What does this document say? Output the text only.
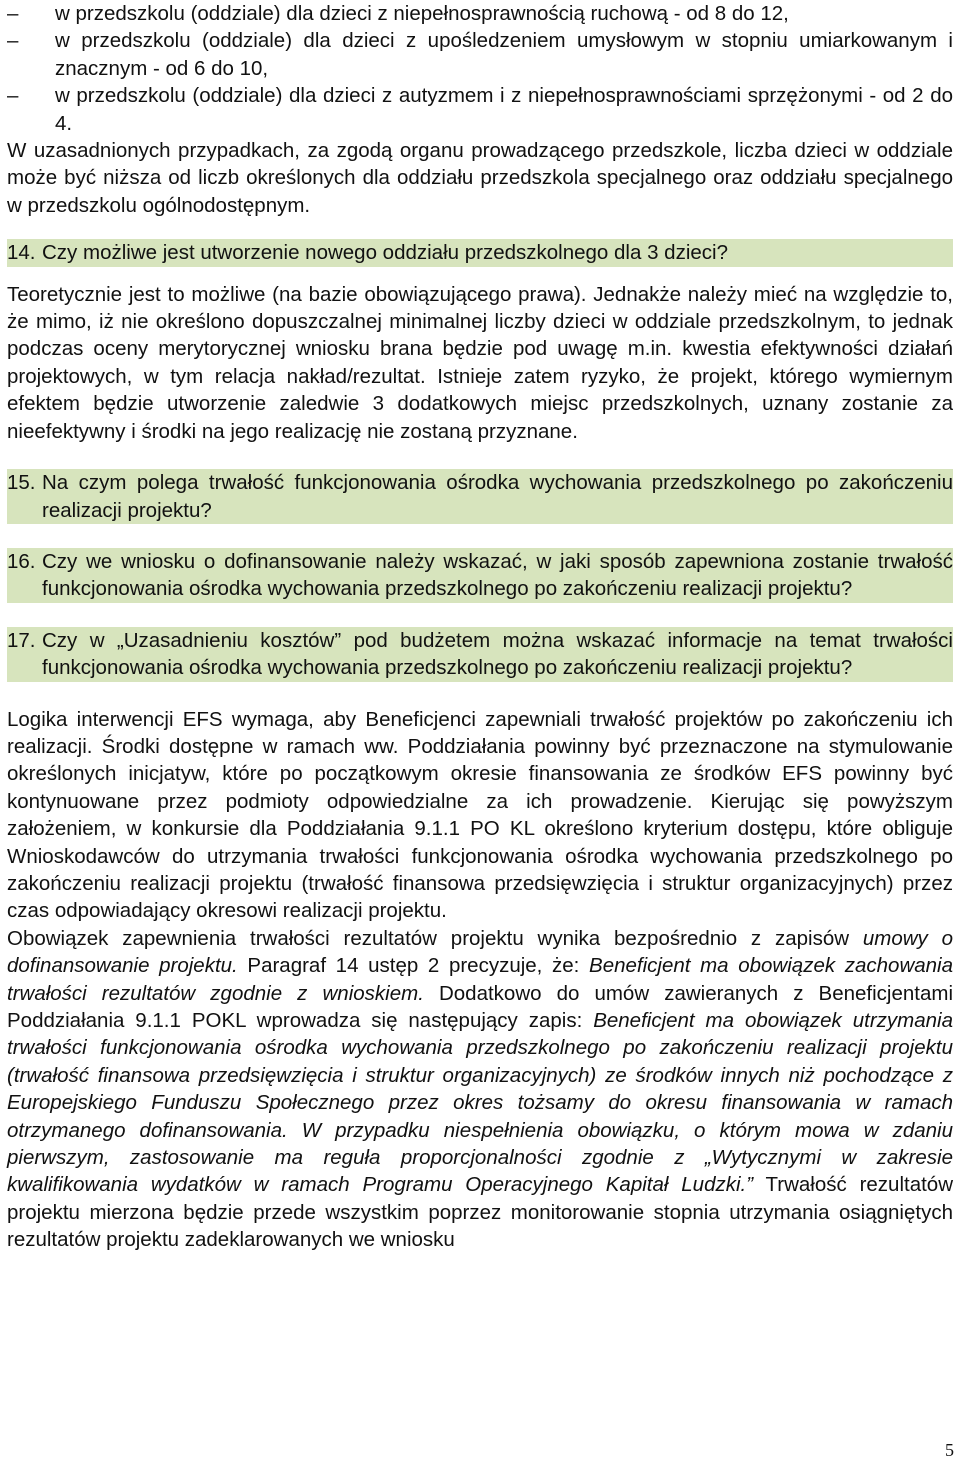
–	w przedszkolu (oddziale) dla dzieci z niepełnosprawnością ruchową - od 8 do 12,
–	w przedszkolu (oddziale) dla dzieci z upośledzeniem umysłowym w stopniu umiarkowanym i znacznym - od 6 do 10,
–	w przedszkolu (oddziale) dla dzieci z autyzmem i z niepełnosprawnościami sprzężonymi - od 2 do 4.

W uzasadnionych przypadkach, za zgodą organu prowadzącego przedszkole, liczba dzieci w oddziale może być niższa od liczb określonych dla oddziału przedszkola specjalnego oraz oddziału specjalnego w przedszkolu ogólnodostępnym.

14. Czy możliwe jest utworzenie nowego oddziału przedszkolnego dla 3 dzieci?

Teoretycznie jest to możliwe (na bazie obowiązującego prawa). Jednakże należy mieć na względzie to, że mimo, iż nie określono dopuszczalnej minimalnej liczby dzieci w oddziale przedszkolnym, to jednak podczas oceny merytorycznej wniosku brana będzie pod uwagę m.in. kwestia efektywności działań projektowych, w tym relacja nakład/rezultat. Istnieje zatem ryzyko, że projekt, którego wymiernym efektem będzie utworzenie zaledwie 3 dodatkowych miejsc przedszkolnych, uznany zostanie za nieefektywny i środki na jego realizację nie zostaną przyznane.

15. Na czym polega trwałość funkcjonowania ośrodka wychowania przedszkolnego po zakończeniu realizacji projektu?
16. Czy we wniosku o dofinansowanie należy wskazać, w jaki sposób zapewniona zostanie trwałość funkcjonowania ośrodka wychowania przedszkolnego po zakończeniu realizacji projektu?
17. Czy w „Uzasadnieniu kosztów” pod budżetem można wskazać informacje na temat trwałości funkcjonowania ośrodka wychowania przedszkolnego po zakończeniu realizacji projektu?

Logika interwencji EFS wymaga, aby Beneficjenci zapewniali trwałość projektów po zakończeniu ich realizacji. Środki dostępne w ramach ww. Poddziałania powinny być przeznaczone na stymulowanie określonych inicjatyw, które po początkowym okresie finansowania ze środków EFS powinny być kontynuowane przez podmioty odpowiedzialne za ich prowadzenie. Kierując się powyższym założeniem, w konkursie dla Poddziałania 9.1.1 PO KL określono kryterium dostępu, które obliguje Wnioskodawców do utrzymania trwałości funkcjonowania ośrodka wychowania przedszkolnego po zakończeniu realizacji projektu (trwałość finansowa przedsięwzięcia i struktur organizacyjnych) przez czas odpowiadający okresowi realizacji projektu.

Obowiązek zapewnienia trwałości rezultatów projektu wynika bezpośrednio z zapisów umowy o dofinansowanie projektu. Paragraf 14 ustęp 2 precyzuje, że: Beneficjent ma obowiązek zachowania trwałości rezultatów zgodnie z wnioskiem. Dodatkowo do umów zawieranych z Beneficjentami Poddziałania 9.1.1 POKL wprowadza się następujący zapis: Beneficjent ma obowiązek utrzymania trwałości funkcjonowania ośrodka wychowania przedszkolnego po zakończeniu realizacji projektu (trwałość finansowa przedsięwzięcia i struktur organizacyjnych) ze środków innych niż pochodzące z Europejskiego Funduszu Społecznego przez okres tożsamy do okresu finansowania w ramach otrzymanego dofinansowania. W przypadku niespełnienia obowiązku, o którym mowa w zdaniu pierwszym, zastosowanie ma reguła proporcjonalności zgodnie z „Wytycznymi w zakresie kwalifikowania wydatków w ramach Programu Operacyjnego Kapitał Ludzki.” Trwałość rezultatów projektu mierzona będzie przede wszystkim poprzez monitorowanie stopnia utrzymania osiągniętych rezultatów projektu zadeklarowanych we wniosku

5
